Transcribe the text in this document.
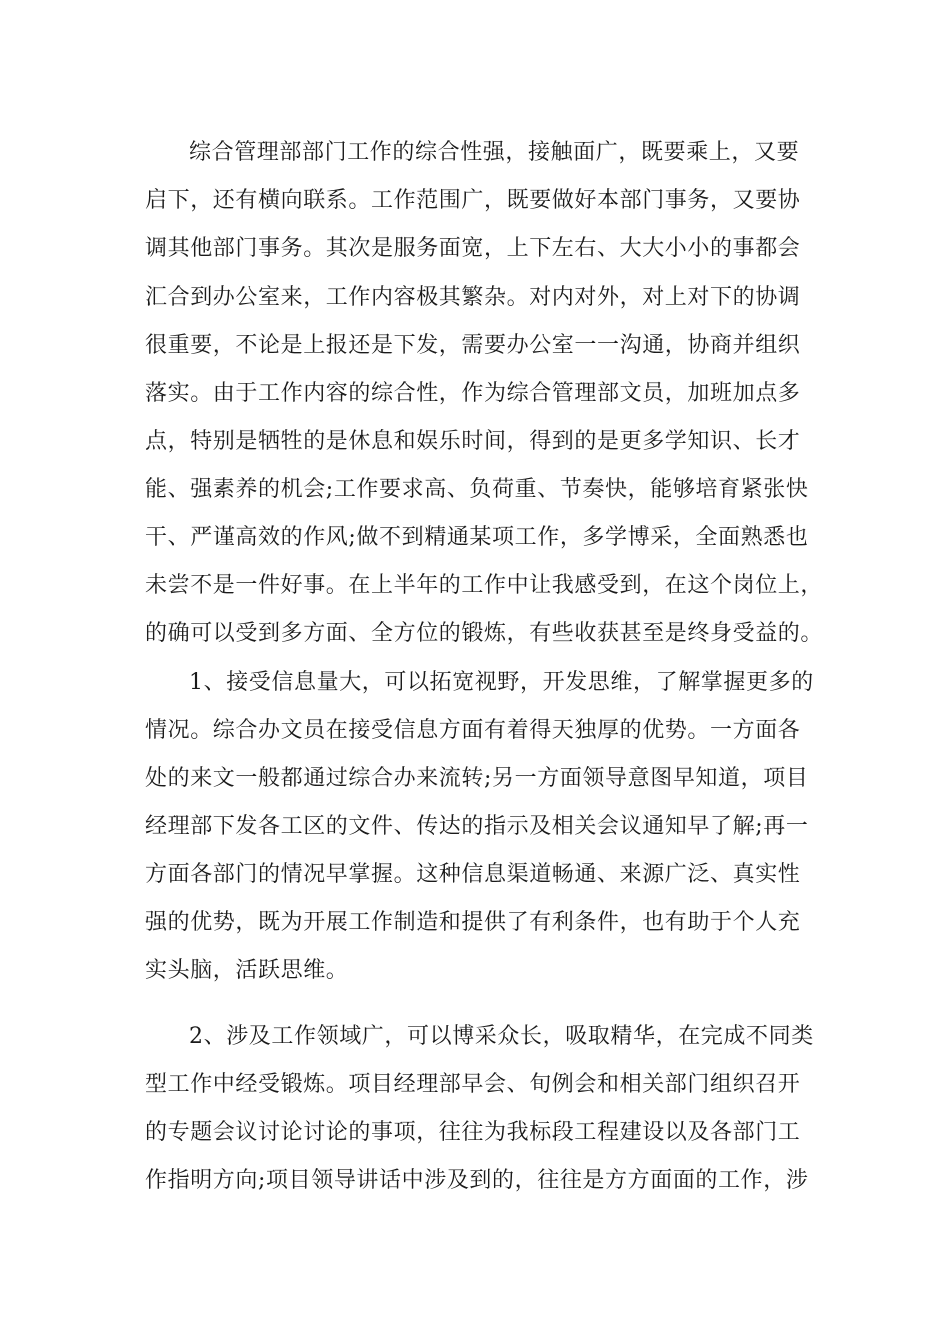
综合管理部部门工作的综合性强，接触面广，既要乘上，又要
启下，还有横向联系。工作范围广，既要做好本部门事务，又要协
调其他部门事务。其次是服务面宽，上下左右、大大小小的事都会
汇合到办公室来，工作内容极其繁杂。对内对外，对上对下的协调
很重要，不论是上报还是下发，需要办公室一一沟通，协商并组织
落实。由于工作内容的综合性，作为综合管理部文员，加班加点多
点，特别是牺牲的是休息和娱乐时间，得到的是更多学知识、长才
能、强素养的机会;工作要求高、负荷重、节奏快，能够培育紧张快
干、严谨高效的作风;做不到精通某项工作，多学博采，全面熟悉也
未尝不是一件好事。在上半年的工作中让我感受到，在这个岗位上，
的确可以受到多方面、全方位的锻炼，有些收获甚至是终身受益的。
1、接受信息量大，可以拓宽视野，开发思维，了解掌握更多的
情况。综合办文员在接受信息方面有着得天独厚的优势。一方面各
处的来文一般都通过综合办来流转;另一方面领导意图早知道，项目
经理部下发各工区的文件、传达的指示及相关会议通知早了解;再一
方面各部门的情况早掌握。这种信息渠道畅通、来源广泛、真实性
强的优势，既为开展工作制造和提供了有利条件，也有助于个人充
实头脑，活跃思维。
2、涉及工作领域广，可以博采众长，吸取精华，在完成不同类
型工作中经受锻炼。项目经理部早会、旬例会和相关部门组织召开
的专题会议讨论讨论的事项，往往为我标段工程建设以及各部门工
作指明方向;项目领导讲话中涉及到的，往往是方方面面的工作，涉
